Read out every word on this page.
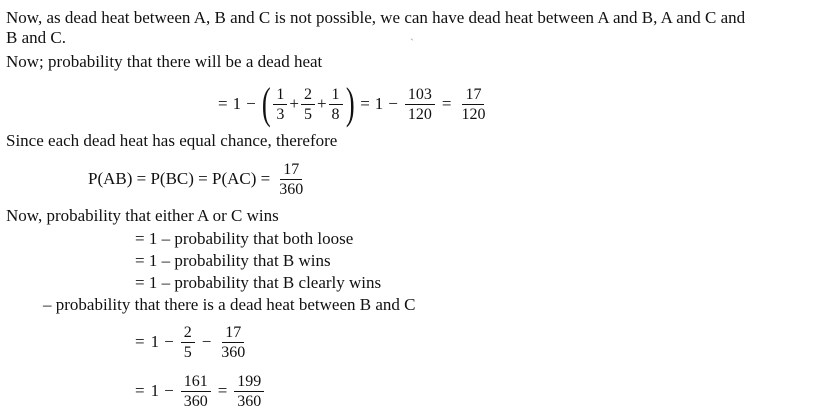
Now, as dead heat between A, B and C is not possible, we can have dead heat between A and B, A and C and
B and C.
Now; probability that there will be a dead heat
= 1 − ( $\frac{1}{3} + \frac{2}{5} + \frac{1}{8}$ ) = $1 - \frac{103}{120} = \frac{17}{120}$
Since each dead heat has equal chance, therefore
$P(AB) = P(BC) = P(AC) = \frac{17}{360}$
Now, probability that either A or C wins
= 1 – probability that both loose
= 1 – probability that B wins
= 1 – probability that B clearly wins
– probability that there is a dead heat between B and C
= $1 - \frac{2}{5} - \frac{17}{360}$
= $1 - \frac{161}{360} = \frac{199}{360}$
`
